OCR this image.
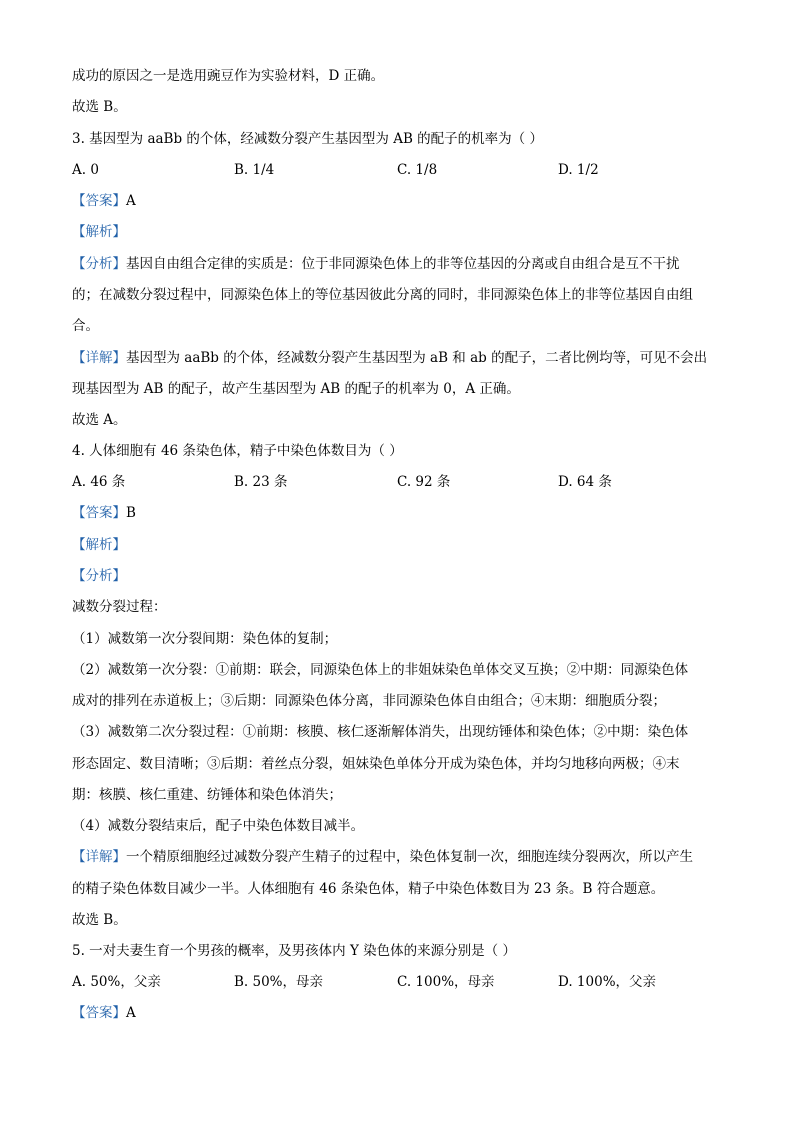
成功的原因之一是选用豌豆作为实验材料，D 正确。
故选 B。
3. 基因型为 aaBb 的个体，经减数分裂产生基因型为 AB 的配子的机率为（ ）
A. 0	B. 1/4	C. 1/8	D. 1/2
【答案】A
【解析】
【分析】基因自由组合定律的实质是：位于非同源染色体上的非等位基因的分离或自由组合是互不干扰
的；在减数分裂过程中，同源染色体上的等位基因彼此分离的同时，非同源染色体上的非等位基因自由组
合。
【详解】基因型为 aaBb 的个体，经减数分裂产生基因型为 aB 和 ab 的配子，二者比例均等，可见不会出
现基因型为 AB 的配子，故产生基因型为 AB 的配子的机率为 0，A 正确。
故选 A。
4. 人体细胞有 46 条染色体，精子中染色体数目为（ ）
A. 46 条	B. 23 条	C. 92 条	D. 64 条
【答案】B
【解析】
【分析】
减数分裂过程：
（1）减数第一次分裂间期：染色体的复制；
（2）减数第一次分裂：①前期：联会，同源染色体上的非姐妹染色单体交叉互换；②中期：同源染色体
成对的排列在赤道板上；③后期：同源染色体分离，非同源染色体自由组合；④末期：细胞质分裂；
（3）减数第二次分裂过程：①前期：核膜、核仁逐渐解体消失，出现纺锤体和染色体；②中期：染色体
形态固定、数目清晰；③后期：着丝点分裂，姐妹染色单体分开成为染色体，并均匀地移向两极；④末
期：核膜、核仁重建、纺锤体和染色体消失；
（4）减数分裂结束后，配子中染色体数目减半。
【详解】一个精原细胞经过减数分裂产生精子的过程中，染色体复制一次，细胞连续分裂两次，所以产生
的精子染色体数目减少一半。人体细胞有 46 条染色体，精子中染色体数目为 23 条。B 符合题意。
故选 B。
5. 一对夫妻生育一个男孩的概率，及男孩体内 Y 染色体的来源分别是（ ）
A. 50%，父亲	B. 50%，母亲	C. 100%，母亲	D. 100%，父亲
【答案】A
